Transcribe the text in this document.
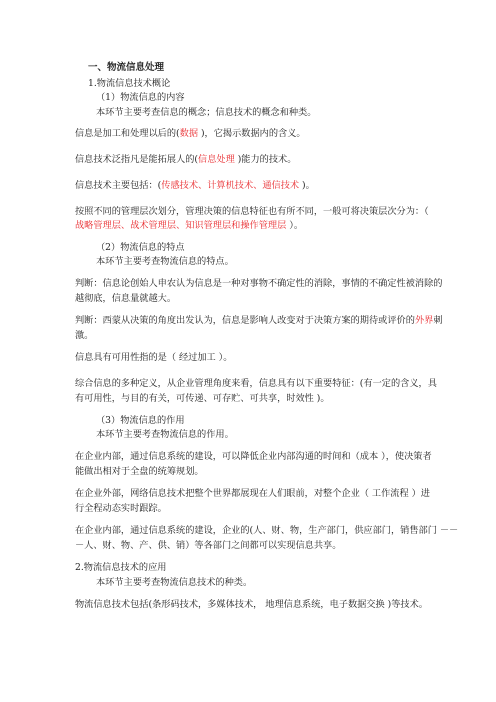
一、物流信息处理
1.物流信息技术概论
（1）物流信息的内容
本环节主要考查信息的概念；信息技术的概念和种类。
信息是加工和处理以后的(数据 )，它揭示数据内的含义。
信息技术泛指凡是能拓展人的(信息处理 )能力的技术。
信息技术主要包括：(传感技术、计算机技术、通信技术 )。
按照不同的管理层次划分，管理决策的信息特征也有所不同，一般可将决策层次分为：（
战略管理层、战术管理层、知识管理层和操作管理层 ）。
（2）物流信息的特点
本环节主要考查物流信息的特点。
判断：信息论创始人申农认为信息是一种对事物不确定性的消除，事情的不确定性被消除的
越彻底，信息量就越大。
判断：西蒙从决策的角度出发认为，信息是影响人改变对于决策方案的期待或评价的外界刺
激。
信息具有可用性指的是（ 经过加工 ）。
综合信息的多种定义，从企业管理角度来看，信息具有以下重要特征：(有一定的含义，具
有可用性，与目的有关，可传递、可存贮、可共享，时效性 )。
（3）物流信息的作用
本环节主要考查物流信息的作用。
在企业内部，通过信息系统的建设，可以降低企业内部沟通的时间和（成本 ），使决策者
能做出相对于全盘的统筹规划。
在企业外部，网络信息技术把整个世界都展现在人们眼前，对整个企业（ 工作流程 ）进
行全程动态实时跟踪。
在企业内部，通过信息系统的建设，企业的(人、财、物，生产部门，供应部门，销售部门 －－
－人、财、物、产、供、销）等各部门之间都可以实现信息共享。
2.物流信息技术的应用
本环节主要考查物流信息技术的种类。
物流信息技术包括(条形码技术，多媒体技术， 地理信息系统，电子数据交换 )等技术。
